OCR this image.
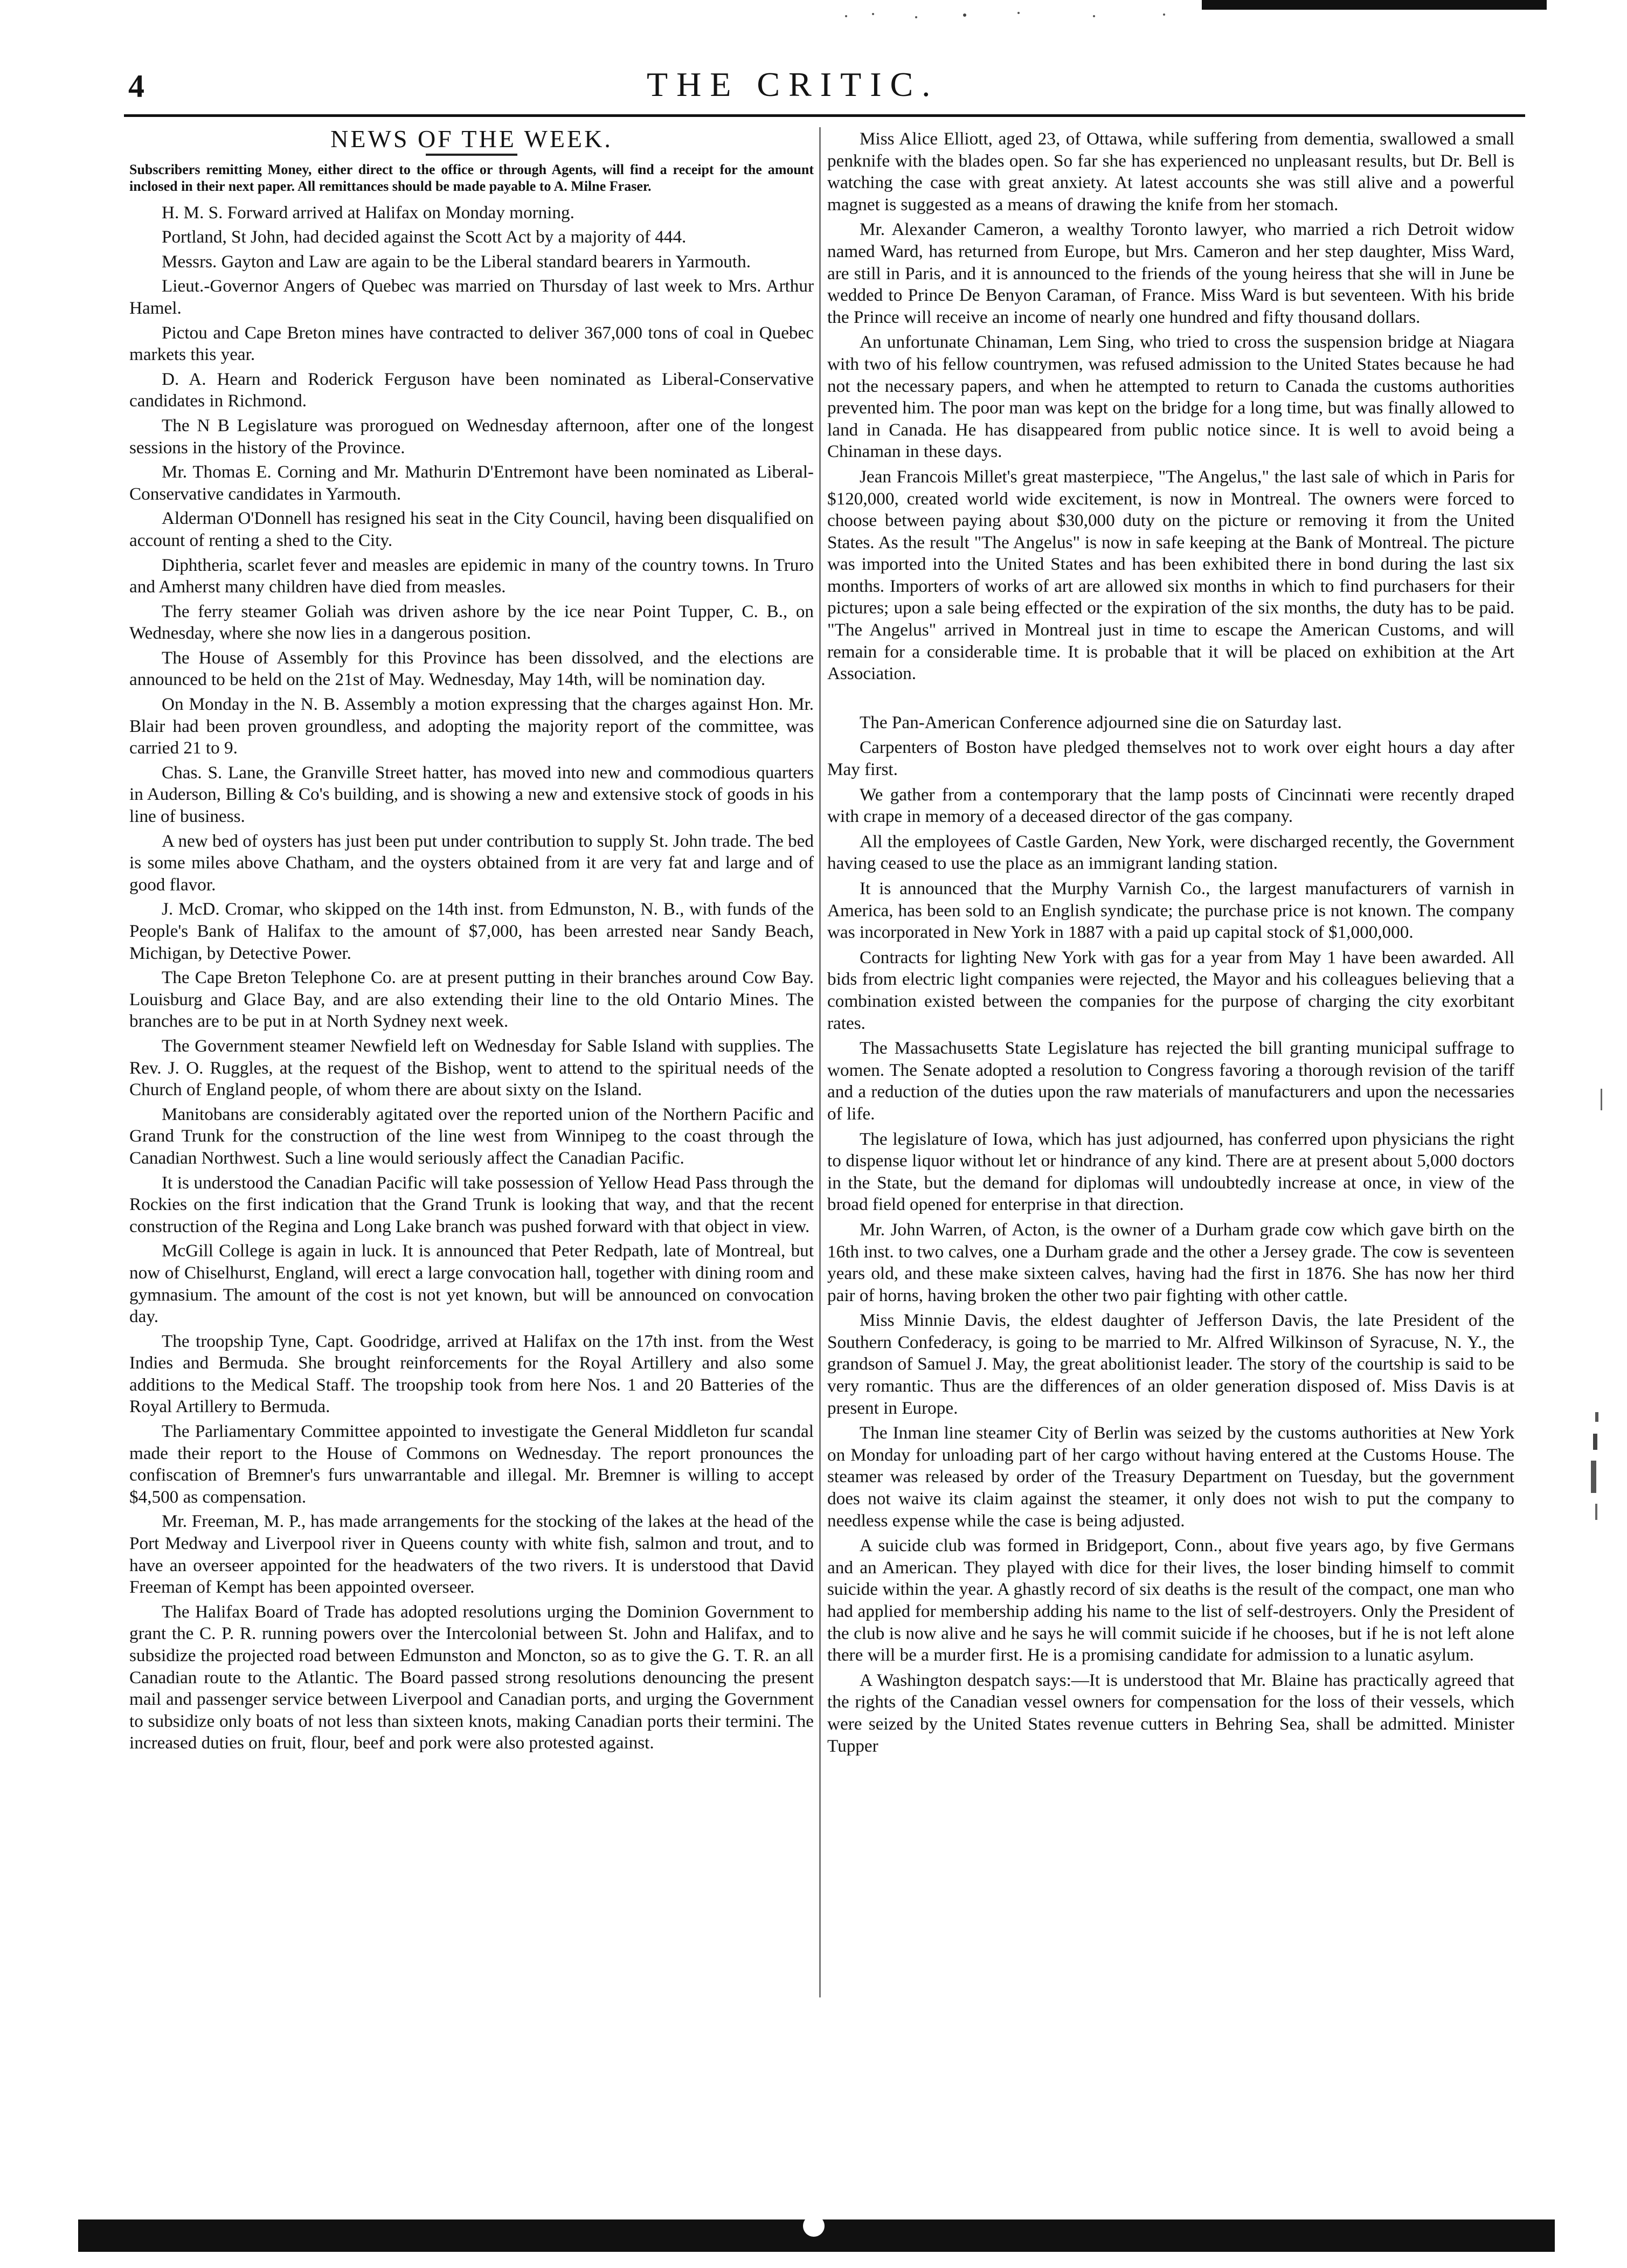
4	THE CRITIC.
NEWS OF THE WEEK.

Subscribers remitting Money, either direct to the office or through Agents, will find a receipt for the amount inclosed in their next paper. All remittances should be made payable to A. Milne Fraser.

H. M. S. Forward arrived at Halifax on Monday morning.

Portland, St John, had decided against the Scott Act by a majority of 444.

Messrs. Gayton and Law are again to be the Liberal standard bearers in Yarmouth.

Lieut.-Governor Angers of Quebec was married on Thursday of last week to Mrs. Arthur Hamel.

Pictou and Cape Breton mines have contracted to deliver 367,000 tons of coal in Quebec markets this year.

D. A. Hearn and Roderick Ferguson have been nominated as Liberal-Conservative candidates in Richmond.

The N B Legislature was prorogued on Wednesday afternoon, after one of the longest sessions in the history of the Province.

Mr. Thomas E. Corning and Mr. Mathurin D'Entremont have been nominated as Liberal-Conservative candidates in Yarmouth.

Alderman O'Donnell has resigned his seat in the City Council, having been disqualified on account of renting a shed to the City.

Diphtheria, scarlet fever and measles are epidemic in many of the country towns. In Truro and Amherst many children have died from measles.

The ferry steamer Goliah was driven ashore by the ice near Point Tupper, C. B., on Wednesday, where she now lies in a dangerous position.

The House of Assembly for this Province has been dissolved, and the elections are announced to be held on the 21st of May. Wednesday, May 14th, will be nomination day.

On Monday in the N. B. Assembly a motion expressing that the charges against Hon. Mr. Blair had been proven groundless, and adopting the majority report of the committee, was carried 21 to 9.

Chas. S. Lane, the Granville Street hatter, has moved into new and commodious quarters in Auderson, Billing & Co's building, and is showing a new and extensive stock of goods in his line of business.

A new bed of oysters has just been put under contribution to supply St. John trade. The bed is some miles above Chatham, and the oysters obtained from it are very fat and large and of good flavor.

J. McD. Cromar, who skipped on the 14th inst. from Edmunston, N. B., with funds of the People's Bank of Halifax to the amount of $7,000, has been arrested near Sandy Beach, Michigan, by Detective Power.

The Cape Breton Telephone Co. are at present putting in their branches around Cow Bay. Louisburg and Glace Bay, and are also extending their line to the old Ontario Mines. The branches are to be put in at North Sydney next week.

The Government steamer Newfield left on Wednesday for Sable Island with supplies. The Rev. J. O. Ruggles, at the request of the Bishop, went to attend to the spiritual needs of the Church of England people, of whom there are about sixty on the Island.

Manitobans are considerably agitated over the reported union of the Northern Pacific and Grand Trunk for the construction of the line west from Winnipeg to the coast through the Canadian Northwest. Such a line would seriously affect the Canadian Pacific.

It is understood the Canadian Pacific will take possession of Yellow Head Pass through the Rockies on the first indication that the Grand Trunk is looking that way, and that the recent construction of the Regina and Long Lake branch was pushed forward with that object in view.

McGill College is again in luck. It is announced that Peter Redpath, late of Montreal, but now of Chiselhurst, England, will erect a large convocation hall, together with dining room and gymnasium. The amount of the cost is not yet known, but will be announced on convocation day.

The troopship Tyne, Capt. Goodridge, arrived at Halifax on the 17th inst. from the West Indies and Bermuda. She brought reinforcements for the Royal Artillery and also some additions to the Medical Staff. The troopship took from here Nos. 1 and 20 Batteries of the Royal Artillery to Bermuda.

The Parliamentary Committee appointed to investigate the General Middleton fur scandal made their report to the House of Commons on Wednesday. The report pronounces the confiscation of Bremner's furs unwarrantable and illegal. Mr. Bremner is willing to accept $4,500 as compensation.

Mr. Freeman, M. P., has made arrangements for the stocking of the lakes at the head of the Port Medway and Liverpool river in Queens county with white fish, salmon and trout, and to have an overseer appointed for the headwaters of the two rivers. It is understood that David Freeman of Kempt has been appointed overseer.

The Halifax Board of Trade has adopted resolutions urging the Dominion Government to grant the C. P. R. running powers over the Intercolonial between St. John and Halifax, and to subsidize the projected road between Edmunston and Moncton, so as to give the G. T. R. an all Canadian route to the Atlantic. The Board passed strong resolutions denouncing the present mail and passenger service between Liverpool and Canadian ports, and urging the Government to subsidize only boats of not less than sixteen knots, making Canadian ports their termini. The increased duties on fruit, flour, beef and pork were also protested against.

Miss Alice Elliott, aged 23, of Ottawa, while suffering from dementia, swallowed a small penknife with the blades open. So far she has experienced no unpleasant results, but Dr. Bell is watching the case with great anxiety. At latest accounts she was still alive and a powerful magnet is suggested as a means of drawing the knife from her stomach.

Mr. Alexander Cameron, a wealthy Toronto lawyer, who married a rich Detroit widow named Ward, has returned from Europe, but Mrs. Cameron and her step daughter, Miss Ward, are still in Paris, and it is announced to the friends of the young heiress that she will in June be wedded to Prince De Benyon Caraman, of France. Miss Ward is but seventeen. With his bride the Prince will receive an income of nearly one hundred and fifty thousand dollars.

An unfortunate Chinaman, Lem Sing, who tried to cross the suspension bridge at Niagara with two of his fellow countrymen, was refused admission to the United States because he had not the necessary papers, and when he attempted to return to Canada the customs authorities prevented him. The poor man was kept on the bridge for a long time, but was finally allowed to land in Canada. He has disappeared from public notice since. It is well to avoid being a Chinaman in these days.

Jean Francois Millet's great masterpiece, "The Angelus," the last sale of which in Paris for $120,000, created world wide excitement, is now in Montreal. The owners were forced to choose between paying about $30,000 duty on the picture or removing it from the United States. As the result "The Angelus" is now in safe keeping at the Bank of Montreal. The picture was imported into the United States and has been exhibited there in bond during the last six months. Importers of works of art are allowed six months in which to find purchasers for their pictures; upon a sale being effected or the expiration of the six months, the duty has to be paid. "The Angelus" arrived in Montreal just in time to escape the American Customs, and will remain for a considerable time. It is probable that it will be placed on exhibition at the Art Association.

The Pan-American Conference adjourned sine die on Saturday last.

Carpenters of Boston have pledged themselves not to work over eight hours a day after May first.

We gather from a contemporary that the lamp posts of Cincinnati were recently draped with crape in memory of a deceased director of the gas company.

All the employees of Castle Garden, New York, were discharged recently, the Government having ceased to use the place as an immigrant landing station.

It is announced that the Murphy Varnish Co., the largest manufacturers of varnish in America, has been sold to an English syndicate; the purchase price is not known. The company was incorporated in New York in 1887 with a paid up capital stock of $1,000,000.

Contracts for lighting New York with gas for a year from May 1 have been awarded. All bids from electric light companies were rejected, the Mayor and his colleagues believing that a combination existed between the companies for the purpose of charging the city exorbitant rates.

The Massachusetts State Legislature has rejected the bill granting municipal suffrage to women. The Senate adopted a resolution to Congress favoring a thorough revision of the tariff and a reduction of the duties upon the raw materials of manufacturers and upon the necessaries of life.

The legislature of Iowa, which has just adjourned, has conferred upon physicians the right to dispense liquor without let or hindrance of any kind. There are at present about 5,000 doctors in the State, but the demand for diplomas will undoubtedly increase at once, in view of the broad field opened for enterprise in that direction.

Mr. John Warren, of Acton, is the owner of a Durham grade cow which gave birth on the 16th inst. to two calves, one a Durham grade and the other a Jersey grade. The cow is seventeen years old, and these make sixteen calves, having had the first in 1876. She has now her third pair of horns, having broken the other two pair fighting with other cattle.

Miss Minnie Davis, the eldest daughter of Jefferson Davis, the late President of the Southern Confederacy, is going to be married to Mr. Alfred Wilkinson of Syracuse, N. Y., the grandson of Samuel J. May, the great abolitionist leader. The story of the courtship is said to be very romantic. Thus are the differences of an older generation disposed of. Miss Davis is at present in Europe.

The Inman line steamer City of Berlin was seized by the customs authorities at New York on Monday for unloading part of her cargo without having entered at the Customs House. The steamer was released by order of the Treasury Department on Tuesday, but the government does not waive its claim against the steamer, it only does not wish to put the company to needless expense while the case is being adjusted.

A suicide club was formed in Bridgeport, Conn., about five years ago, by five Germans and an American. They played with dice for their lives, the loser binding himself to commit suicide within the year. A ghastly record of six deaths is the result of the compact, one man who had applied for membership adding his name to the list of self-destroyers. Only the President of the club is now alive and he says he will commit suicide if he chooses, but if he is not left alone there will be a murder first. He is a promising candidate for admission to a lunatic asylum.

A Washington despatch says:—It is understood that Mr. Blaine has practically agreed that the rights of the Canadian vessel owners for compensation for the loss of their vessels, which were seized by the United States revenue cutters in Behring Sea, shall be admitted. Minister Tupper
